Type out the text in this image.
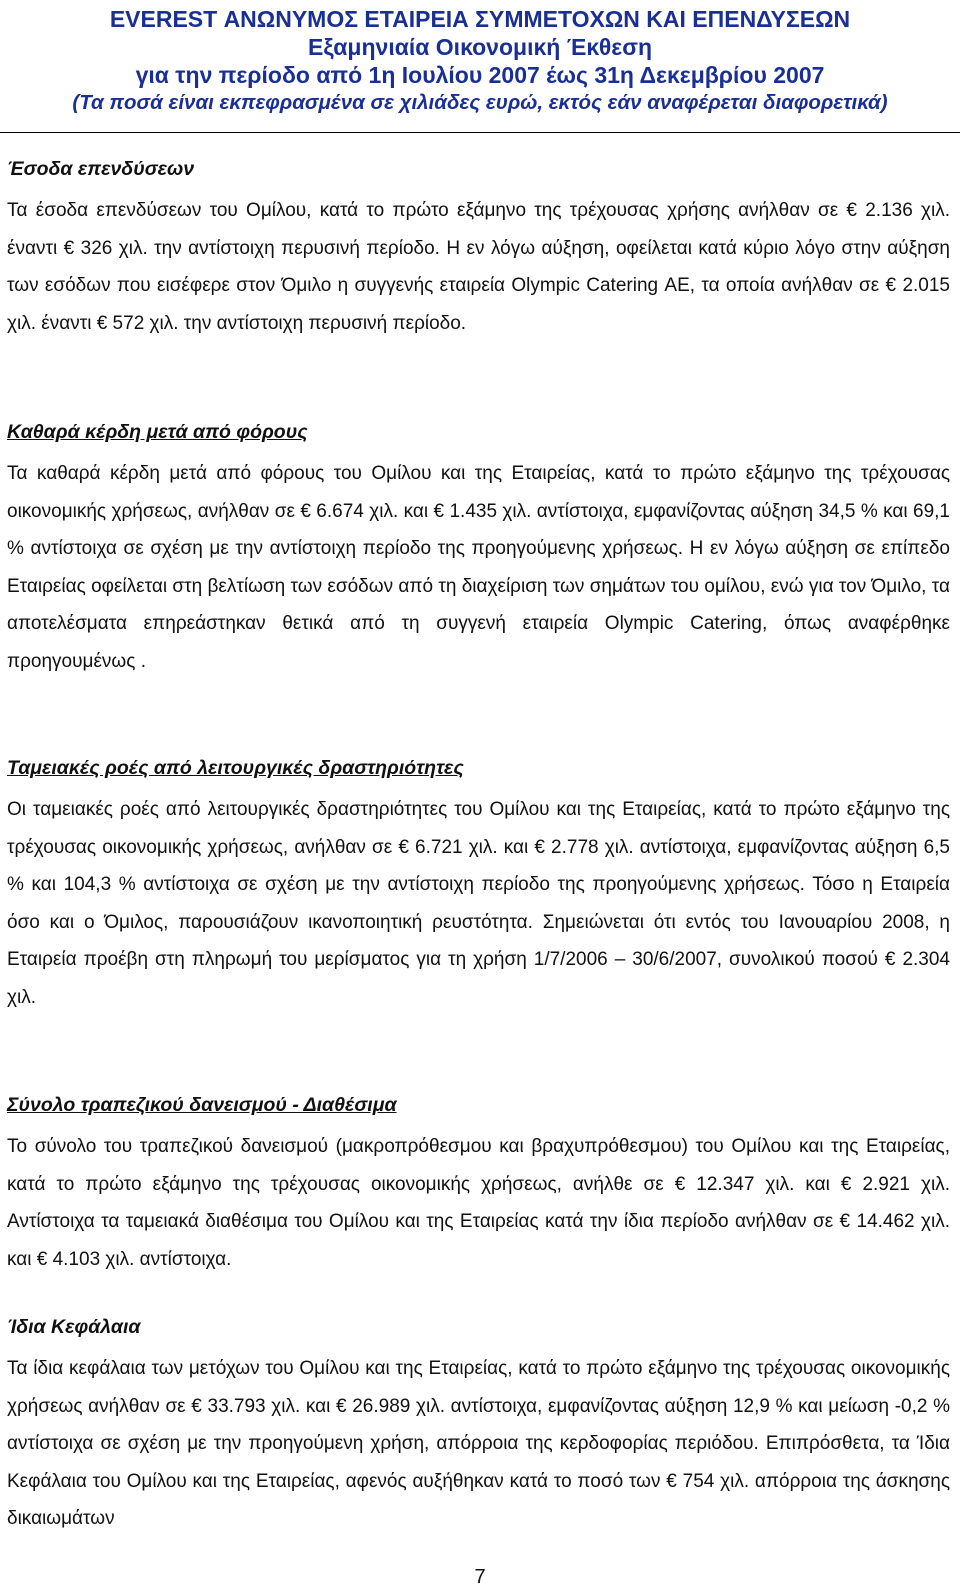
EVEREST ΑΝΩΝΥΜΟΣ ΕΤΑΙΡΕΙΑ ΣΥΜΜΕΤΟΧΩΝ ΚΑΙ ΕΠΕΝΔΥΣΕΩΝ
Εξαμηνιαία Οικονομική Έκθεση
για την περίοδο από 1η Ιουλίου 2007 έως 31η Δεκεμβρίου 2007
(Τα ποσά είναι εκπεφρασμένα σε χιλιάδες ευρώ, εκτός εάν αναφέρεται διαφορετικά)
Έσοδα επενδύσεων

Τα έσοδα επενδύσεων του Ομίλου, κατά το πρώτο εξάμηνο της τρέχουσας χρήσης ανήλθαν σε € 2.136 χιλ. έναντι € 326 χιλ. την αντίστοιχη περυσινή περίοδο. Η εν λόγω αύξηση, οφείλεται κατά κύριο λόγο στην αύξηση των εσόδων που εισέφερε στον Όμιλο η συγγενής εταιρεία Olympic Catering ΑΕ, τα οποία ανήλθαν σε € 2.015 χιλ. έναντι € 572 χιλ. την αντίστοιχη περυσινή περίοδο.

Καθαρά κέρδη μετά από φόρους

Τα καθαρά κέρδη μετά από φόρους του Ομίλου και της Εταιρείας, κατά το πρώτο εξάμηνο της τρέχουσας οικονομικής χρήσεως, ανήλθαν σε € 6.674 χιλ. και € 1.435 χιλ. αντίστοιχα, εμφανίζοντας αύξηση 34,5 % και 69,1 % αντίστοιχα σε σχέση με την αντίστοιχη περίοδο της προηγούμενης χρήσεως. Η εν λόγω αύξηση σε επίπεδο Εταιρείας οφείλεται στη βελτίωση των εσόδων από τη διαχείριση των σημάτων του ομίλου, ενώ για τον Όμιλο, τα αποτελέσματα επηρεάστηκαν θετικά από τη συγγενή εταιρεία Olympic Catering, όπως αναφέρθηκε προηγουμένως .

Ταμειακές ροές από λειτουργικές δραστηριότητες

Οι ταμειακές ροές από λειτουργικές δραστηριότητες του Ομίλου και της Εταιρείας, κατά το πρώτο εξάμηνο της τρέχουσας οικονομικής χρήσεως, ανήλθαν σε € 6.721 χιλ. και € 2.778 χιλ. αντίστοιχα, εμφανίζοντας αύξηση 6,5 % και 104,3 % αντίστοιχα σε σχέση με την αντίστοιχη περίοδο της προηγούμενης χρήσεως. Τόσο η Εταιρεία όσο και ο Όμιλος, παρουσιάζουν ικανοποιητική ρευστότητα. Σημειώνεται ότι εντός του Ιανουαρίου 2008, η Εταιρεία προέβη στη πληρωμή του μερίσματος για τη χρήση 1/7/2006 – 30/6/2007, συνολικού ποσού € 2.304 χιλ.

Σύνολο τραπεζικού δανεισμού - Διαθέσιμα

Το σύνολο του τραπεζικού δανεισμού (μακροπρόθεσμου και βραχυπρόθεσμου) του Ομίλου και της Εταιρείας, κατά το πρώτο εξάμηνο της τρέχουσας οικονομικής χρήσεως, ανήλθε σε € 12.347 χιλ. και € 2.921 χιλ. Αντίστοιχα τα ταμειακά διαθέσιμα του Ομίλου και της Εταιρείας κατά την ίδια περίοδο ανήλθαν σε € 14.462 χιλ. και € 4.103 χιλ. αντίστοιχα.

Ίδια Κεφάλαια

Τα ίδια κεφάλαια των μετόχων του Ομίλου και της Εταιρείας, κατά το πρώτο εξάμηνο της τρέχουσας οικονομικής χρήσεως ανήλθαν σε € 33.793 χιλ. και € 26.989 χιλ. αντίστοιχα, εμφανίζοντας αύξηση 12,9 % και μείωση -0,2 % αντίστοιχα σε σχέση με την προηγούμενη χρήση, απόρροια της κερδοφορίας περιόδου. Επιπρόσθετα, τα Ίδια Κεφάλαια του Ομίλου και της Εταιρείας, αφενός αυξήθηκαν κατά το ποσό των € 754 χιλ. απόρροια της άσκησης δικαιωμάτων

7
